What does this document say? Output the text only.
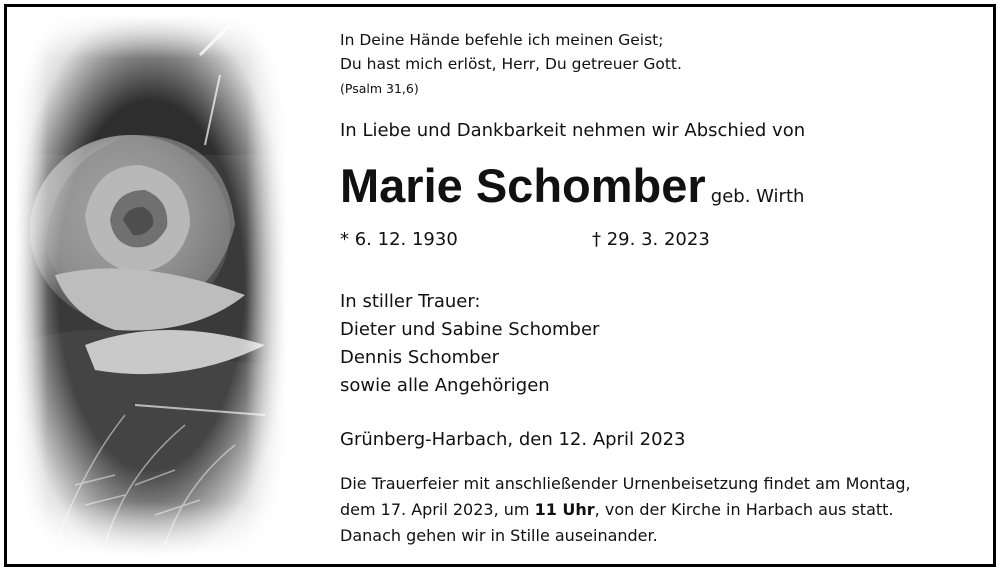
In Deine Hände befehle ich meinen Geist;
Du hast mich erlöst, Herr, Du getreuer Gott.
(Psalm 31,6)
In Liebe und Dankbarkeit nehmen wir Abschied von
Marie Schomber geb. Wirth
* 6. 12. 1930	† 29. 3. 2023
In stiller Trauer:
Dieter und Sabine Schomber
Dennis Schomber
sowie alle Angehörigen
Grünberg-Harbach, den 12. April 2023
Die Trauerfeier mit anschließender Urnenbeisetzung findet am Montag,
dem 17. April 2023, um 11 Uhr, von der Kirche in Harbach aus statt.
Danach gehen wir in Stille auseinander.
